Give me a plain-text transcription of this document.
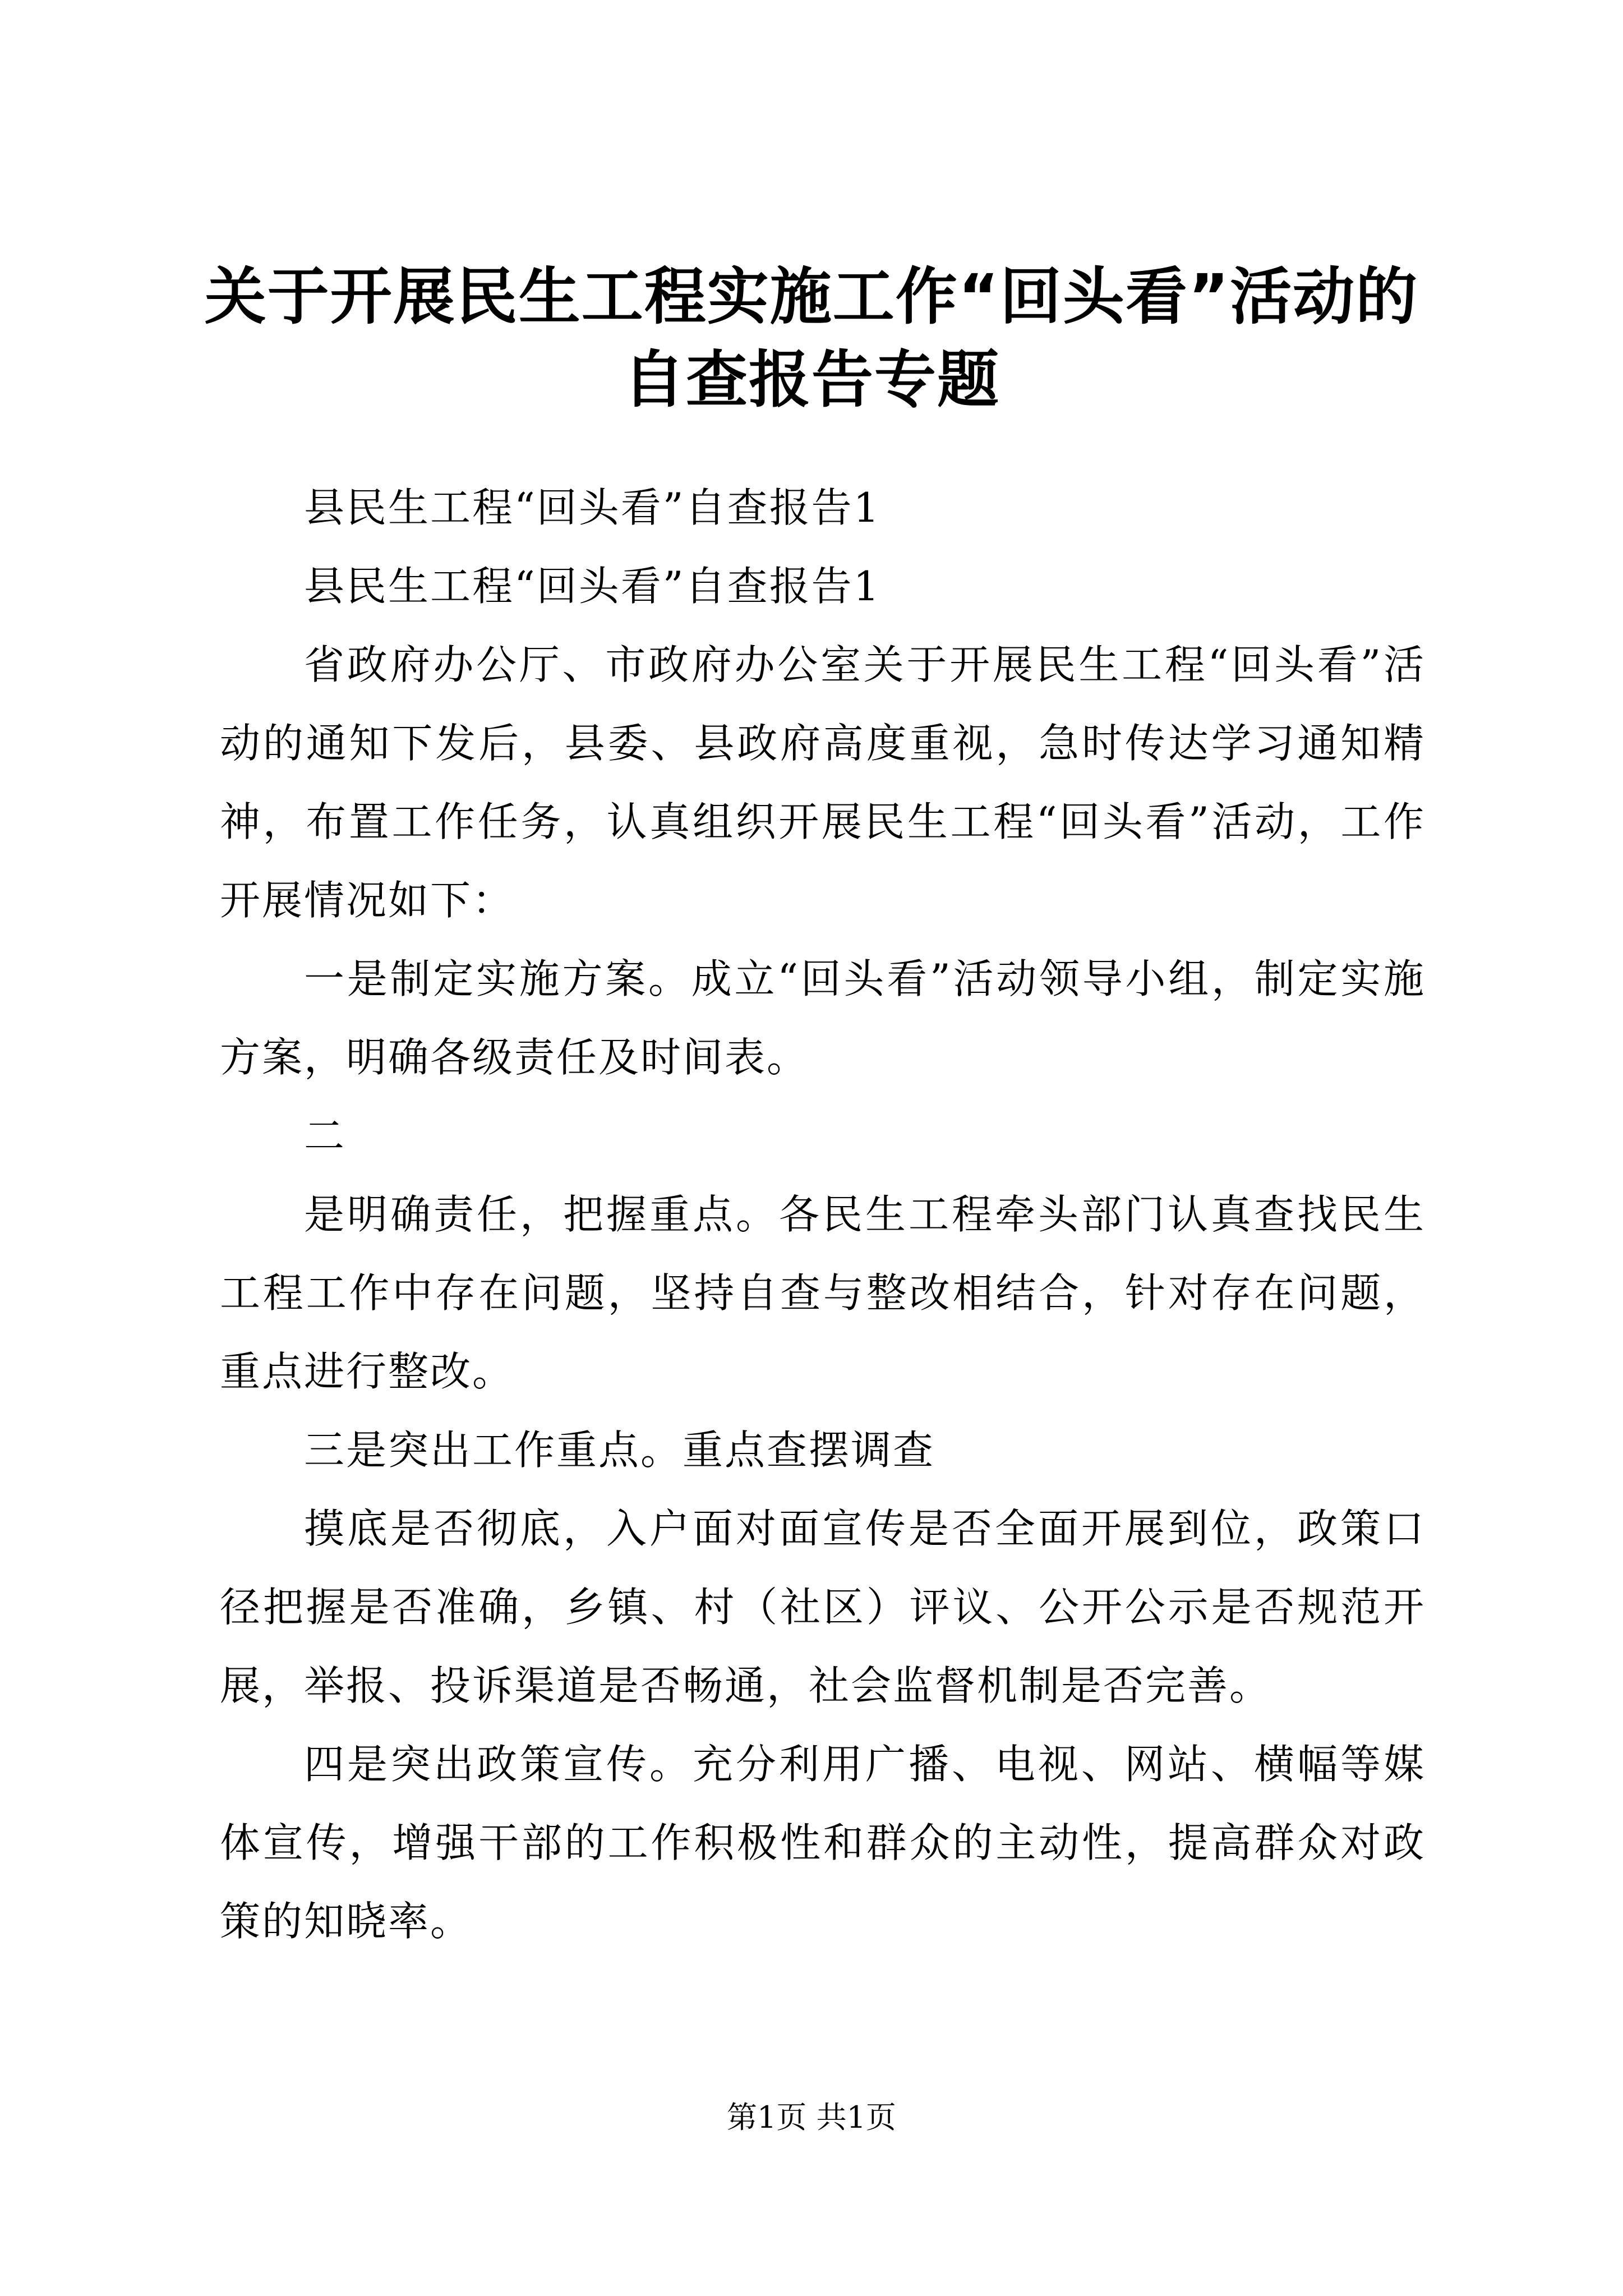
关于开展民生工程实施工作“回头看”活动的
自查报告专题

县民生工程“回头看”自查报告1

县民生工程“回头看”自查报告1

省政府办公厅、市政府办公室关于开展民生工程“回头看”活动的通知下发后，县委、县政府高度重视，急时传达学习通知精神，布置工作任务，认真组织开展民生工程“回头看”活动，工作开展情况如下：

一是制定实施方案。成立“回头看”活动领导小组，制定实施方案，明确各级责任及时间表。

二

是明确责任，把握重点。各民生工程牵头部门认真查找民生工程工作中存在问题，坚持自查与整改相结合，针对存在问题，重点进行整改。

三是突出工作重点。重点查摆调查

摸底是否彻底，入户面对面宣传是否全面开展到位，政策口径把握是否准确，乡镇、村（社区）评议、公开公示是否规范开展，举报、投诉渠道是否畅通，社会监督机制是否完善。

四是突出政策宣传。充分利用广播、电视、网站、横幅等媒体宣传，增强干部的工作积极性和群众的主动性，提高群众对政策的知晓率。

第1页 共1页
